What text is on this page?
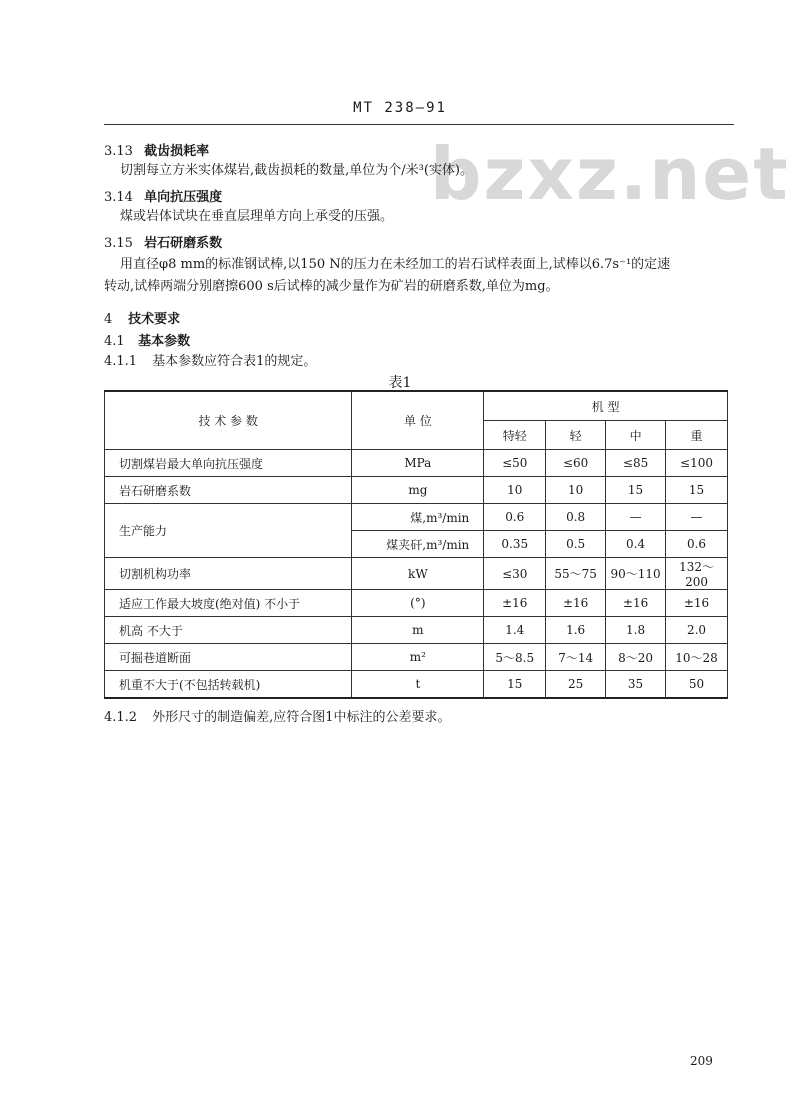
MT 238—91
bzxz.net
3.13 截齿损耗率
切割每立方米实体煤岩,截齿损耗的数量,单位为个/米³(实体)。
3.14 单向抗压强度
煤或岩体试块在垂直层理单方向上承受的压强。
3.15 岩石研磨系数
用直径φ8 mm的标准钢试棒,以150 N的压力在未经加工的岩石试样表面上,试棒以6.7s⁻¹的定速
转动,试棒两端分别磨擦600 s后试棒的减少量作为矿岩的研磨系数,单位为mg。
4 技术要求
4.1 基本参数
4.1.1 基本参数应符合表1的规定。
表1
技 术 参 数	单 位	机 型			
		特轻	轻	中	重
切割煤岩最大单向抗压强度	MPa	≤50	≤60	≤85	≤100
岩石研磨系数	mg	10	10	15	15
生产能力	煤,m³/min	0.6	0.8	—	—
	煤夹矸,m³/min	0.35	0.5	0.4	0.6
切割机构功率	kW	≤30	55～75	90～110	132～200
适应工作最大坡度(绝对值) 不小于	(°)	±16	±16	±16	±16
机高 不大于	m	1.4	1.6	1.8	2.0
可掘巷道断面	m²	5～8.5	7～14	8～20	10～28
机重不大于(不包括转载机)	t	15	25	35	50
4.1.2 外形尺寸的制造偏差,应符合图1中标注的公差要求。
209
